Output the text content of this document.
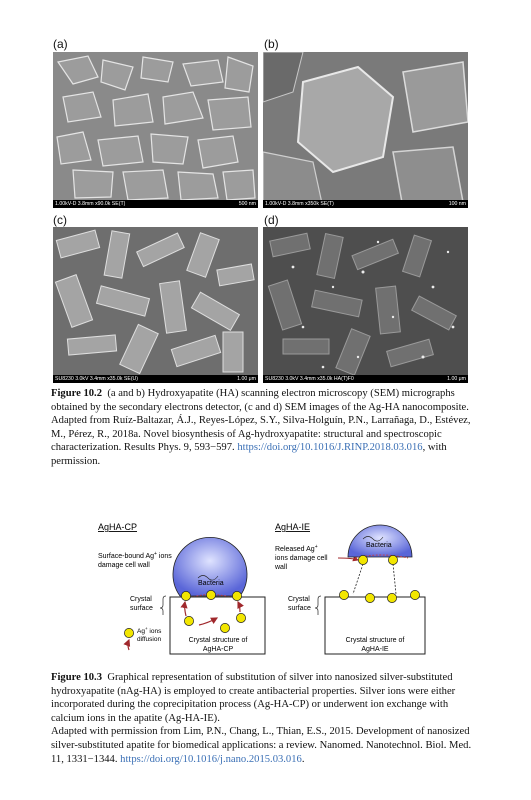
(a)	(b)
(c)	(d)
1.00kV-D 3.8mm x90.0k SE(T)	500 nm 1.00kV-D 3.8mm x350k SE(T)	100 nm
SU8230 3.0kV 3.4mm x35.0k SE(U)	1.00 μm SU8230 3.0kV 3.4mm x35.0k HA(T)F0	1.00 μm

Figure 10.2 (a and b) Hydroxyapatite (HA) scanning electron microscopy (SEM) micrographs obtained by the secondary electrons detector, (c and d) SEM images of the Ag-HA nanocomposite.

Adapted from Ruíz-Baltazar, Á.J., Reyes-López, S.Y., Silva-Holguín, P.N., Larrañaga, D., Estévez, M., Pérez, R., 2018a. Novel biosynthesis of Ag-hydroxyapatite: structural and spectroscopic characterization. Results Phys. 9, 593−597. https://doi.org/10.1016/J.RINP.2018.03.016, with permission.

AgHA-CP
Surface-bound Ag+ ions
damage cell wall
Bacteria
Crystal
surface
Ag+ ions
diffusion	Crystal structure of
AgHA-CP
AgHA-IE
Released Ag+
ions damage cell
wall
Bacteria
Crystal
surface
Crystal structure of
AgHA-IE

Figure 10.3 Graphical representation of substitution of silver into nanosized silver-substituted hydroxyapatite (nAg-HA) is employed to create antibacterial properties. Silver ions were either incorporated during the coprecipitation process (Ag-HA-CP) or underwent ion exchange with calcium ions in the apatite (Ag-HA-IE).

Adapted with permission from Lim, P.N., Chang, L., Thian, E.S., 2015. Development of nanosized silver-substituted apatite for biomedical applications: a review. Nanomed. Nanotechnol. Biol. Med. 11, 1331−1344. https://doi.org/10.1016/j.nano.2015.03.016.
